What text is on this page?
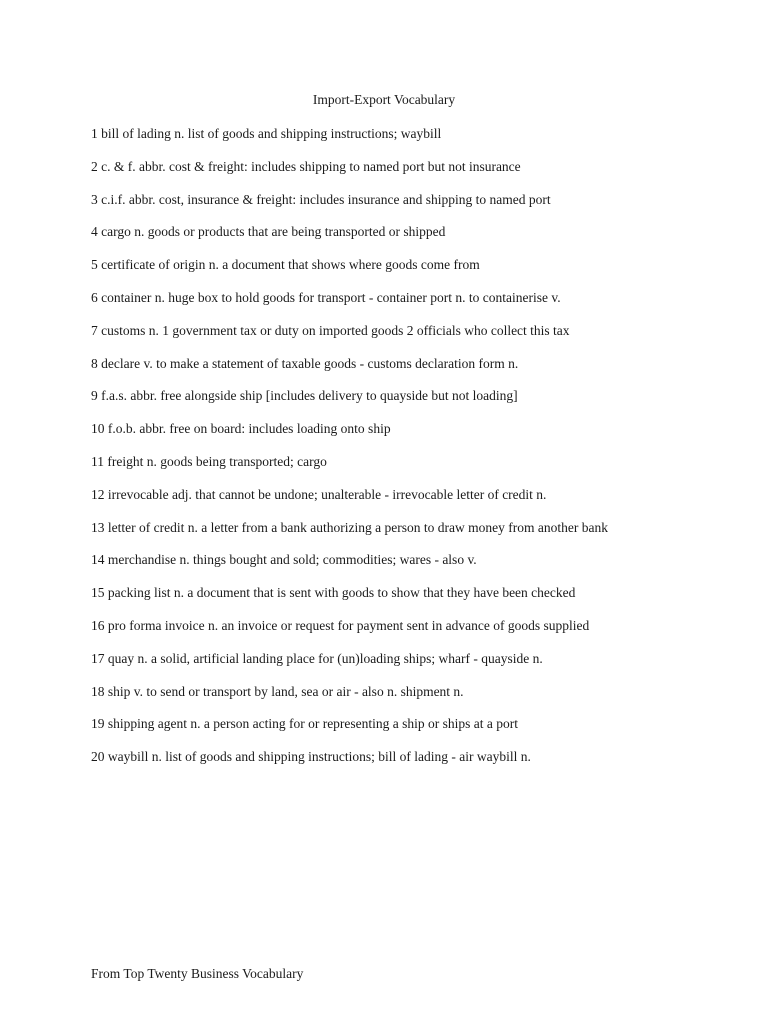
Import-Export Vocabulary
1 bill of lading n. list of goods and shipping instructions; waybill
2 c. & f. abbr. cost & freight: includes shipping to named port but not insurance
3 c.i.f. abbr. cost, insurance & freight: includes insurance and shipping to named port
4 cargo n. goods or products that are being transported or shipped
5 certificate of origin n. a document that shows where goods come from
6 container n. huge box to hold goods for transport - container port n. to containerise v.
7 customs n. 1 government tax or duty on imported goods 2 officials who collect this tax
8 declare v. to make a statement of taxable goods - customs declaration form n.
9 f.a.s. abbr. free alongside ship [includes delivery to quayside but not loading]
10 f.o.b. abbr. free on board: includes loading onto ship
11 freight n. goods being transported; cargo
12 irrevocable adj. that cannot be undone; unalterable - irrevocable letter of credit n.
13 letter of credit n. a letter from a bank authorizing a person to draw money from another bank
14 merchandise n. things bought and sold; commodities; wares - also v.
15 packing list n. a document that is sent with goods to show that they have been checked
16 pro forma invoice n. an invoice or request for payment sent in advance of goods supplied
17 quay n. a solid, artificial landing place for (un)loading ships; wharf - quayside n.
18 ship v. to send or transport by land, sea or air - also n. shipment n.
19 shipping agent n. a person acting for or representing a ship or ships at a port
20 waybill n. list of goods and shipping instructions; bill of lading - air waybill n.
From Top Twenty Business Vocabulary
